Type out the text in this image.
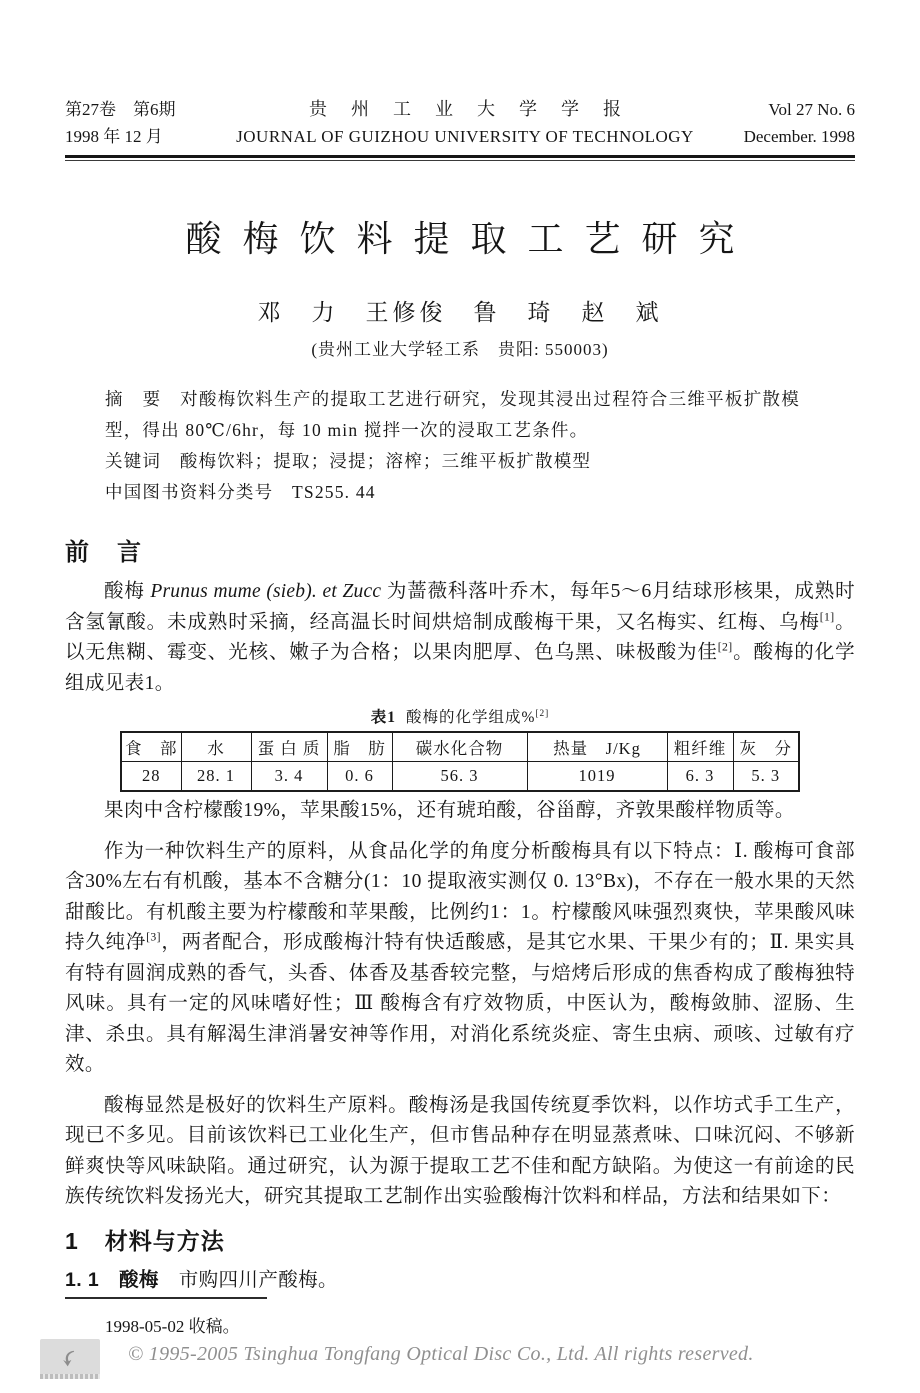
第27卷　第6期	贵州工业大学学报	Vol 27 No. 6
1998 年 12 月	JOURNAL OF GUIZHOU UNIVERSITY OF TECHNOLOGY	December. 1998
酸梅饮料提取工艺研究
邓　力　王修俊　鲁　琦　赵　斌
(贵州工业大学轻工系　贵阳: 550003)

摘　要　对酸梅饮料生产的提取工艺进行研究，发现其浸出过程符合三维平板扩散模型，得出 80℃/6hr，每 10 min 搅拌一次的浸取工艺条件。

关键词　酸梅饮料；提取；浸提；溶榨；三维平板扩散模型

中国图书资料分类号　TS255. 44

前　言

酸梅 Prunus mume (sieb). et Zucc 为蔷薇科落叶乔木，每年5～6月结球形核果，成熟时含氢氰酸。未成熟时采摘，经高温长时间烘焙制成酸梅干果，又名梅实、红梅、乌梅[1]。以无焦糊、霉变、光核、嫩子为合格；以果肉肥厚、色乌黑、味极酸为佳[2]。酸梅的化学组成见表1。

表1 酸梅的化学组成%[2]
食　部	水	蛋 白 质	脂　肪	碳水化合物	热量　J/Kg	粗纤维	灰　分
28	28. 1	3. 4	0. 6	56. 3	1019	6. 3	5. 3

果肉中含柠檬酸19%，苹果酸15%，还有琥珀酸，谷甾醇，齐敦果酸样物质等。

作为一种饮料生产的原料，从食品化学的角度分析酸梅具有以下特点：Ⅰ. 酸梅可食部含30%左右有机酸，基本不含糖分(1：10 提取液实测仅 0. 13°Bx)，不存在一般水果的天然甜酸比。有机酸主要为柠檬酸和苹果酸，比例约1：1。柠檬酸风味强烈爽快，苹果酸风味持久纯净[3]，两者配合，形成酸梅汁特有快适酸感，是其它水果、干果少有的；Ⅱ. 果实具有特有圆润成熟的香气，头香、体香及基香较完整，与焙烤后形成的焦香构成了酸梅独特风味。具有一定的风味嗜好性；Ⅲ 酸梅含有疗效物质，中医认为，酸梅敛肺、涩肠、生津、杀虫。具有解渴生津消暑安神等作用，对消化系统炎症、寄生虫病、顽咳、过敏有疗效。

酸梅显然是极好的饮料生产原料。酸梅汤是我国传统夏季饮料，以作坊式手工生产，现已不多见。目前该饮料已工业化生产，但市售品种存在明显蒸煮味、口味沉闷、不够新鲜爽快等风味缺陷。通过研究，认为源于提取工艺不佳和配方缺陷。为使这一有前途的民族传统饮料发扬光大，研究其提取工艺制作出实验酸梅汁饮料和样品，方法和结果如下：

1 材料与方法

1. 1　酸梅　市购四川产酸梅。

1998-05-02 收稿。
© 1995-2005 Tsinghua Tongfang Optical Disc Co., Ltd. All rights reserved.
